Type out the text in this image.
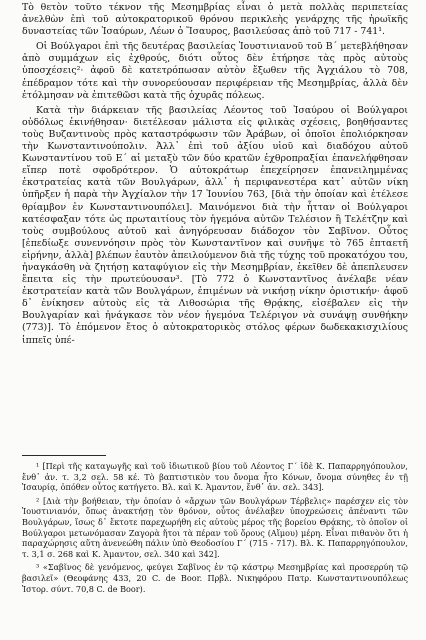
Τὸ θετὸν τοῦτο τέκνον τῆς Μεσημβρίας εἶναι ὁ μετὰ πολλὰς περιπετείας ἀνελθὼν ἐπὶ τοῦ αὐτοκρατορικοῦ θρόνου περικλεὴς γενάρχης τῆς ἡρωϊκῆς δυναστείας τῶν Ἰσαύρων, Λέων ὁ Ἴσαυρος, βασιλεύσας ἀπὸ τοῦ 717 - 741¹.

Οἱ Βούλγαροι ἐπὶ τῆς δευτέρας βασιλείας Ἰουστινιανοῦ τοῦ Β΄ μετεβλήθησαν ἀπὸ συμμάχων εἰς ἐχθρούς, διότι οὗτος δὲν ἐτήρησε τὰς πρὸς αὐτοὺς ὑποσχέσεις²· ἀφοῦ δὲ κατετρόπωσαν αὐτὸν ἔξωθεν τῆς Ἀγχιάλου τὸ 708, ἐπέδραμον τότε καὶ τὴν συνορεύουσαν περιφέρειαν τῆς Μεσημβρίας, ἀλλὰ δὲν ἐτόλμησαν νὰ ἐπιτεθῶσι κατὰ τῆς ὀχυρᾶς πόλεως.

Κατὰ τὴν διάρκειαν τῆς βασιλείας Λέοντος τοῦ Ἰσαύρου οἱ Βούλγαροι οὐδόλως ἐκινήθησαν· διετέλεσαν μάλιστα εἰς φιλικὰς σχέσεις, βοηθήσαντες τοὺς Βυζαντινοὺς πρὸς καταστρόφωσιν τῶν Ἀράβων, οἱ ὁποῖοι ἐπολιόρκησαν τὴν Κωνσταντινούπολιν. Ἀλλ᾿ ἐπὶ τοῦ ἀξίου υἱοῦ καὶ διαδόχου αὐτοῦ Κωνσταντίνου τοῦ Ε΄ αἱ μεταξὺ τῶν δύο κρατῶν ἐχθροπραξίαι ἐπανελήφθησαν εἴπερ ποτὲ σφοδρότερον. Ὁ αὐτοκράτωρ ἐπεχείρησεν ἐπανειλημμένας ἐκστρατείας κατὰ τῶν Βουλγάρων, ἀλλ᾿ ἡ περιφανεστέρα κατ᾿ αὐτῶν νίκη ὑπῆρξεν ἡ παρὰ τὴν Ἀγχίαλον τὴν 17 Ἰουνίου 763, [διὰ τὴν ὁποίαν καὶ ἐτέλεσε θρίαμβον ἐν Κωνσταντινουπόλει]. Μαινόμενοι διὰ τὴν ἧτταν οἱ Βούλγαροι κατέσφαξαν τότε ὡς πρωταιτίους τὸν ἡγεμόνα αὐτῶν Τελέσιον ἢ Τελέτζην καὶ τοὺς συμβούλους αὐτοῦ καὶ ἀνηγόρευσαν διάδοχον τὸν Σαβῖνον. Οὗτος [ἐπεδίωξε συνεννόησιν πρὸς τὸν Κωνσταντῖνον καὶ συνῆψε τὸ 765 ἐπταετῆ εἰρήνην, ἀλλὰ] βλέπων ἑαυτὸν ἀπειλούμενον διὰ τῆς τύχης τοῦ προκατόχου του, ἠναγκάσθη νὰ ζητήσῃ καταφύγιον εἰς τὴν Μεσημβρίαν, ἐκεῖθεν δὲ ἀπεπλευσεν ἔπειτα εἰς τὴν πρωτεύουσαν³. [Τὸ 772 ὁ Κωνσταντῖνος ἀνέλαβε νέαν ἐκστρατείαν κατὰ τῶν Βουλγάρων, ἐπιμένων νὰ νικήσῃ νίκην ὁριστικήν· ἀφοῦ δ᾿ ἐνίκησεν αὐτοὺς εἰς τὰ Λιθοσώρια τῆς Θρᾴκης, εἰσέβαλεν εἰς τὴν Βουλγαρίαν καὶ ἠνάγκασε τὸν νέον ἡγεμόνα Τελέριγον νὰ συνάψῃ συνθήκην (773)]. Τὸ ἑπόμενον ἔτος ὁ αὐτοκρατορικὸς στόλος φέρων δωδεκακισχιλίους ἱππεῖς ὑπέ-

¹ [Περὶ τῆς καταγωγῆς καὶ τοῦ ἰδιωτικοῦ βίου τοῦ Λέοντος Γ΄ ἰδὲ Κ. Παπαρρηγόπουλον, ἔνθ᾿ ἀν. τ. 3,2 σελ. 58 κέ. Τὸ βαπτιστικὸν του ὄνομα ἦτο Κόνων, ὄνομα σύνηθες ἐν τῇ Ἰσαυρίᾳ, ὁπόθεν οὗτος κατήγετο. Βλ. καὶ Κ. Ἀμαντον, ἔνθ᾿ ἀν. σελ. 343].

² [Διὰ τὴν βοήθειαν, τὴν ὁποίαν ὁ «ἄρχων τῶν Βουλγάρων Τέρβελις» παρέσχεν εἰς τὸν Ἰουστινιανόν, ὅπως ἀνακτήσῃ τὸν θρόνον, οὗτος ἀνέλαβεν ὑποχρεώσεις ἀπέναντι τῶν Βουλγάρων, ἴσως δ᾿ ἔκτοτε παρεχωρήθη εἰς αὐτοὺς μέρος τῆς βορείου Θρᾴκης, τὸ ὁποῖον οἱ Βούλγαροι μετωνόμασαν Ζαγορὰ ἤτοι τὰ πέραν τοῦ ὄρους (Αἵμου) μέρη. Εἶναι πιθανὸν ὅτι ἡ παραχώρησις αὕτη ἀνενεώθη πάλιν ὑπὸ Θεοδοσίου Γ΄ (715 - 717). Βλ. Κ. Παπαρρηγόπουλον, τ. 3,1 σ. 268 καὶ Κ. Ἀμαντον, σελ. 340 καὶ 342].

³ «Σαβῖνος δὲ γενόμενος, φεύγει Σαβῖνος ἐν τῷ κάστρῳ Μεσημβρίας καὶ προσερρύη τῷ βασιλεῖ» (Θεοφάνης 433, 20 C. de Boor. Πρβλ. Νικηφόρου Πατρ. Κωνσταντινουπόλεως Ἱστορ. σύντ. 70,8 C. de Boor).
